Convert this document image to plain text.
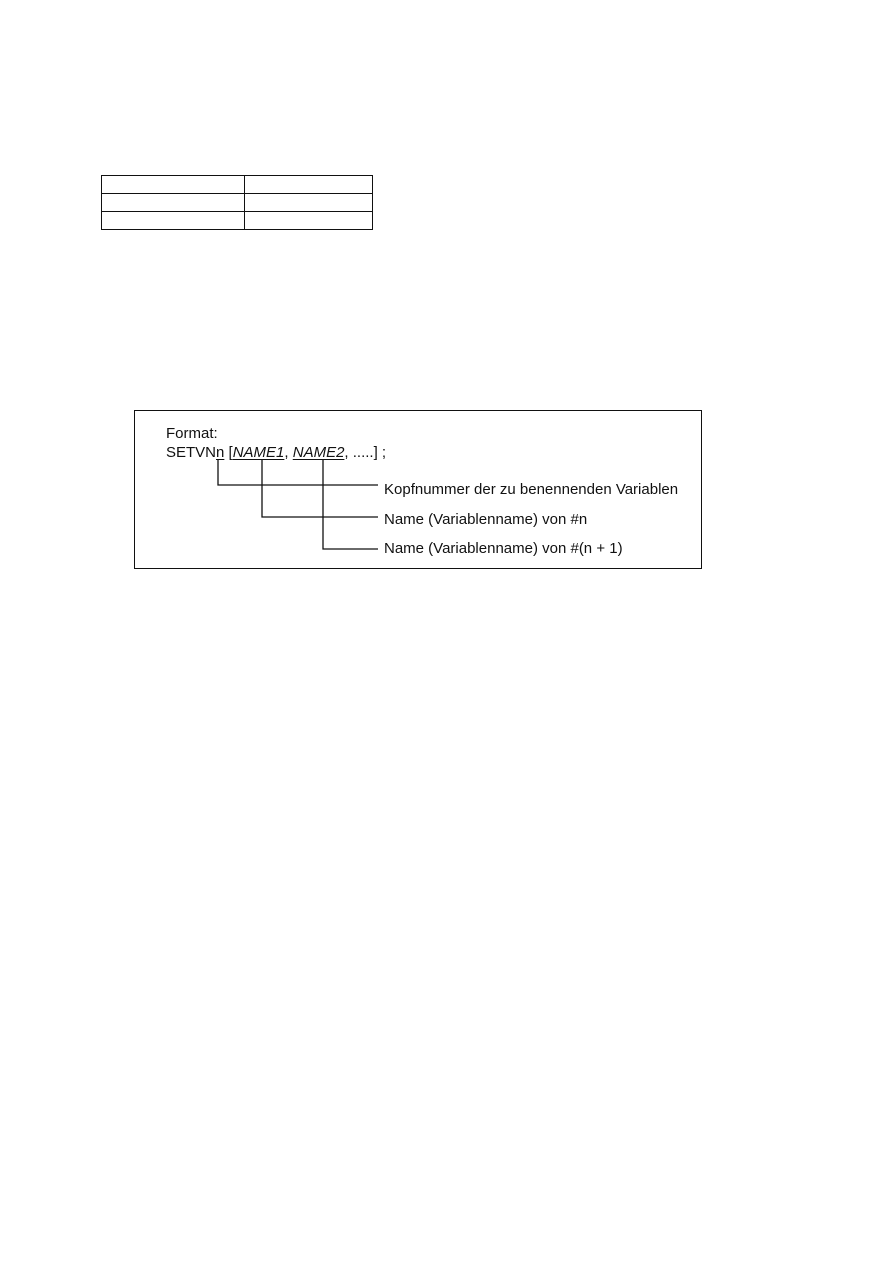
Format:
SETVNn [NAME1, NAME2, .....] ;
Kopfnummer der zu benennenden Variablen
Name (Variablenname) von #n
Name (Variablenname) von #(n + 1)
